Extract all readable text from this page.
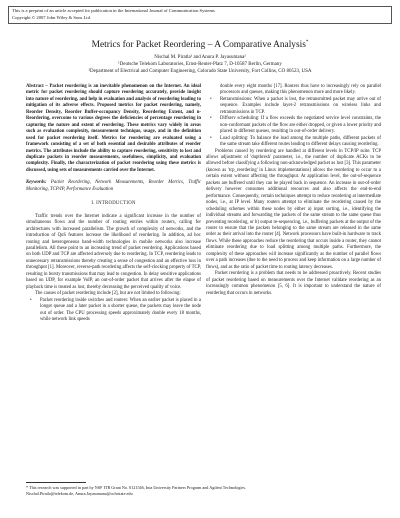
This is a preprint of an article accepted for publication in the International Journal of Communication Systems
Copyright © 2007 John Wiley & Sons Ltd.
Metrics for Packet Reordering – A Comparative Analysis*
Nischal M. Piratla¹ and Anura P. Jayasumana²
¹Deutsche Telekom Laboratories, Ernst-Reuter-Platz 7, D-10587 Berlin, Germany
²Department of Electrical and Computer Engineering, Colorado State University, Fort Collins, CO 80523, USA

Abstract – Packet reordering is an inevitable phenomenon on the Internet. An ideal metric for packet reordering should capture reordering accurately, provide insight into nature of reordering, and help in evaluation and analysis of reordering leading to mitigation of its adverse effects. Proposed metrics for packet reordering, namely, Reorder Density, Reorder Buffer-occupancy Density, Reordering Extent, and n-Reordering, overcome to various degrees the deficiencies of percentage reordering in capturing the nature and extent of reordering. These metrics vary widely in areas such as evaluation complexity, measurement technique, usage, and in the definition used for packet reordering itself. Metrics for reordering are evaluated using a framework consisting of a set of both essential and desirable attributes of reorder metrics. The attributes include the ability to capture reordering, sensitivity to lost and duplicate packets in reorder measurements, usefulness, simplicity, and evaluation complexity. Finally, the characterization of packet reordering using these metrics is discussed, using sets of measurements carried over the Internet.

Keywords: Packet Reordering, Network Measurements, Reorder Metrics, Traffic Monitoring, TCP/IP, Performance Evaluation

I. INTRODUCTION

Traffic trends over the Internet indicate a significant increase in the number of simultaneous flows and the number of routing entries within routers, calling for architectures with increased parallelism. The growth of complexity of networks, and the introduction of QoS features increase the likelihood of reordering. In addition, ad hoc routing and heterogeneous band-width technologies in mobile networks also increase parallelism. All these point to an increasing trend of packet reordering. Applications based on both UDP and TCP are affected adversely due to reordering. In TCP, reordering leads to unnecessary retransmissions thereby creating a sense of congestion and an effective loss in throughput [1]. Moreover, reverse-path reordering affects the self-clocking property of TCP, resulting in bursty transmissions that may lead to congestion. In delay sensitive applications based on UDP, for example VoIP, an out-of-order packet that arrives after the elapse of playback time is treated as lost, thereby decreasing the perceived quality of voice.

The causes of packet reordering include [2], but are not limited to following:

• Packet reordering inside switches and routers: When an earlier packet is placed in a longer queue and a later packet in a shorter queue, the packets may leave the node out of order. The CPU processing speeds approximately double every 18 months, while network link speeds

double every eight months [17]. Routers thus have to increasingly rely on parallel processors and queues, making this phenomenon more and more likely.

• Retransmissions: When a packet is lost, the retransmitted packet may arrive out of sequence. Examples include layer-2 retransmissions on wireless links and retransmissions in TCP.
• Diffserv scheduling: If a flow exceeds the negotiated service level constraints, the non-conformant packets of the flow are either dropped, or given a lower priority and placed in different queues, resulting in out-of-order delivery.
• Load splitting: To balance the load among the multiple paths, different packets of the same stream take different routes leading to different delays causing reordering.

Problems caused by reordering are handled at different levels in TCP/IP suite. TCP allows adjustment of 'dupthresh' parameter, i.e., the number of duplicate ACKs to be allowed before classifying a following non-acknowledged packet as lost [3]. This parameter (known as 'tcp_reordering' in Linux implementations) allows the reordering to occur to a certain extent without affecting the throughput. At application level, the out-of-sequence packets are buffered until they can be played back in sequence. An increase in out-of-order delivery however consumes additional resources and also affects the end-to-end performance. Consequently, certain techniques attempt to reduce reordering at intermediate nodes, i.e., at IP level. Many routers attempt to eliminate the reordering caused by the scheduling schemes within these nodes by either a) input sorting, i.e., identifying the individual streams and forwarding the packets of the same stream to the same queue thus preventing reordering, or b) output re-sequencing, i.e., buffering packets at the output of the router to ensure that the packets belonging to the same stream are released in the same order as their arrival into the router [4]. Network processors have built-in hardware to track flows. While these approaches reduce the reordering that occurs inside a router, they cannot eliminate reordering due to load splitting among multiple paths. Furthermore, the complexity of these approaches will increase significantly as the number of parallel flows over a path increases (due to the need to process and keep information on a large number of flows), and as the ratio of packet time to routing latency decreases.

Packet reordering is a problem that needs to be addressed proactively. Recent studies of packet reordering based on measurements over the Internet validate reordering as an increasingly common phenomenon [5, 6]. It is important to understand the nature of reordering that occurs in networks.

* This research was supported in part by NSF ITR Grant No. 0121546, Inia University Partners Program and Agilent Technologies.
Nischal.Piratla@telekom.de, Anura.Jayasumana@colostate.edu
